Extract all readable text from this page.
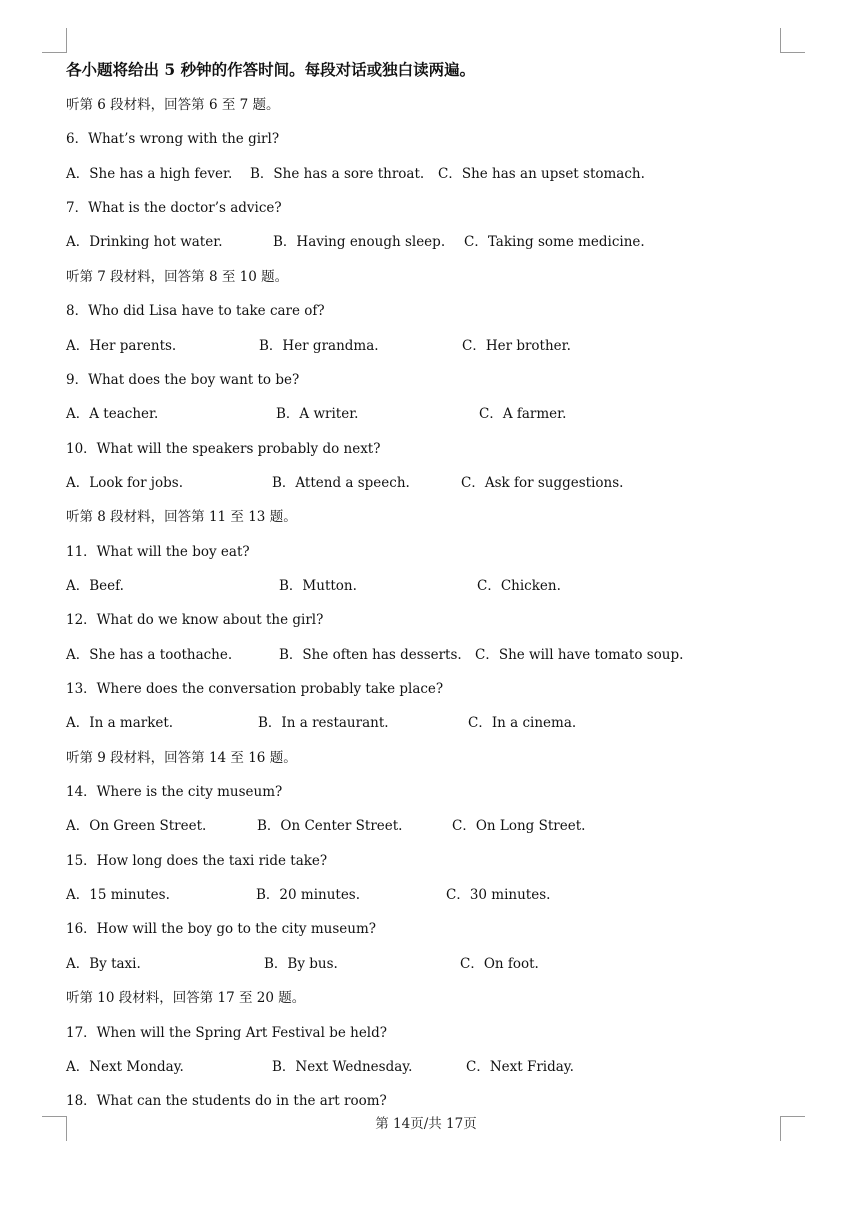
各小题将给出 5 秒钟的作答时间。每段对话或独白读两遍。
听第 6 段材料，回答第 6 至 7 题。
6．What’s wrong with the girl?
A．She has a high fever. B．She has a sore throat. C．She has an upset stomach.
7．What is the doctor’s advice?
A．Drinking hot water.	B．Having enough sleep. C．Taking some medicine.
听第 7 段材料，回答第 8 至 10 题。
8．Who did Lisa have to take care of?
A．Her parents.	B．Her grandma.	C．Her brother.
9．What does the boy want to be?
A．A teacher.	B．A writer.	C．A farmer.
10．What will the speakers probably do next?
A．Look for jobs.	B．Attend a speech.	C．Ask for suggestions.
听第 8 段材料，回答第 11 至 13 题。
11．What will the boy eat?
A．Beef.	B．Mutton.	C．Chicken.
12．What do we know about the girl?
A．She has a toothache.	B．She often has desserts. C．She will have tomato soup.
13．Where does the conversation probably take place?
A．In a market.	B．In a restaurant.	C．In a cinema.
听第 9 段材料，回答第 14 至 16 题。
14．Where is the city museum?
A．On Green Street.	B．On Center Street.	C．On Long Street.
15．How long does the taxi ride take?
A．15 minutes.	B．20 minutes.	C．30 minutes.
16．How will the boy go to the city museum?
A．By taxi.	B．By bus.	C．On foot.
听第 10 段材料，回答第 17 至 20 题。
17．When will the Spring Art Festival be held?
A．Next Monday.	B．Next Wednesday.	C．Next Friday.
18．What can the students do in the art room?
第 14页/共 17页
